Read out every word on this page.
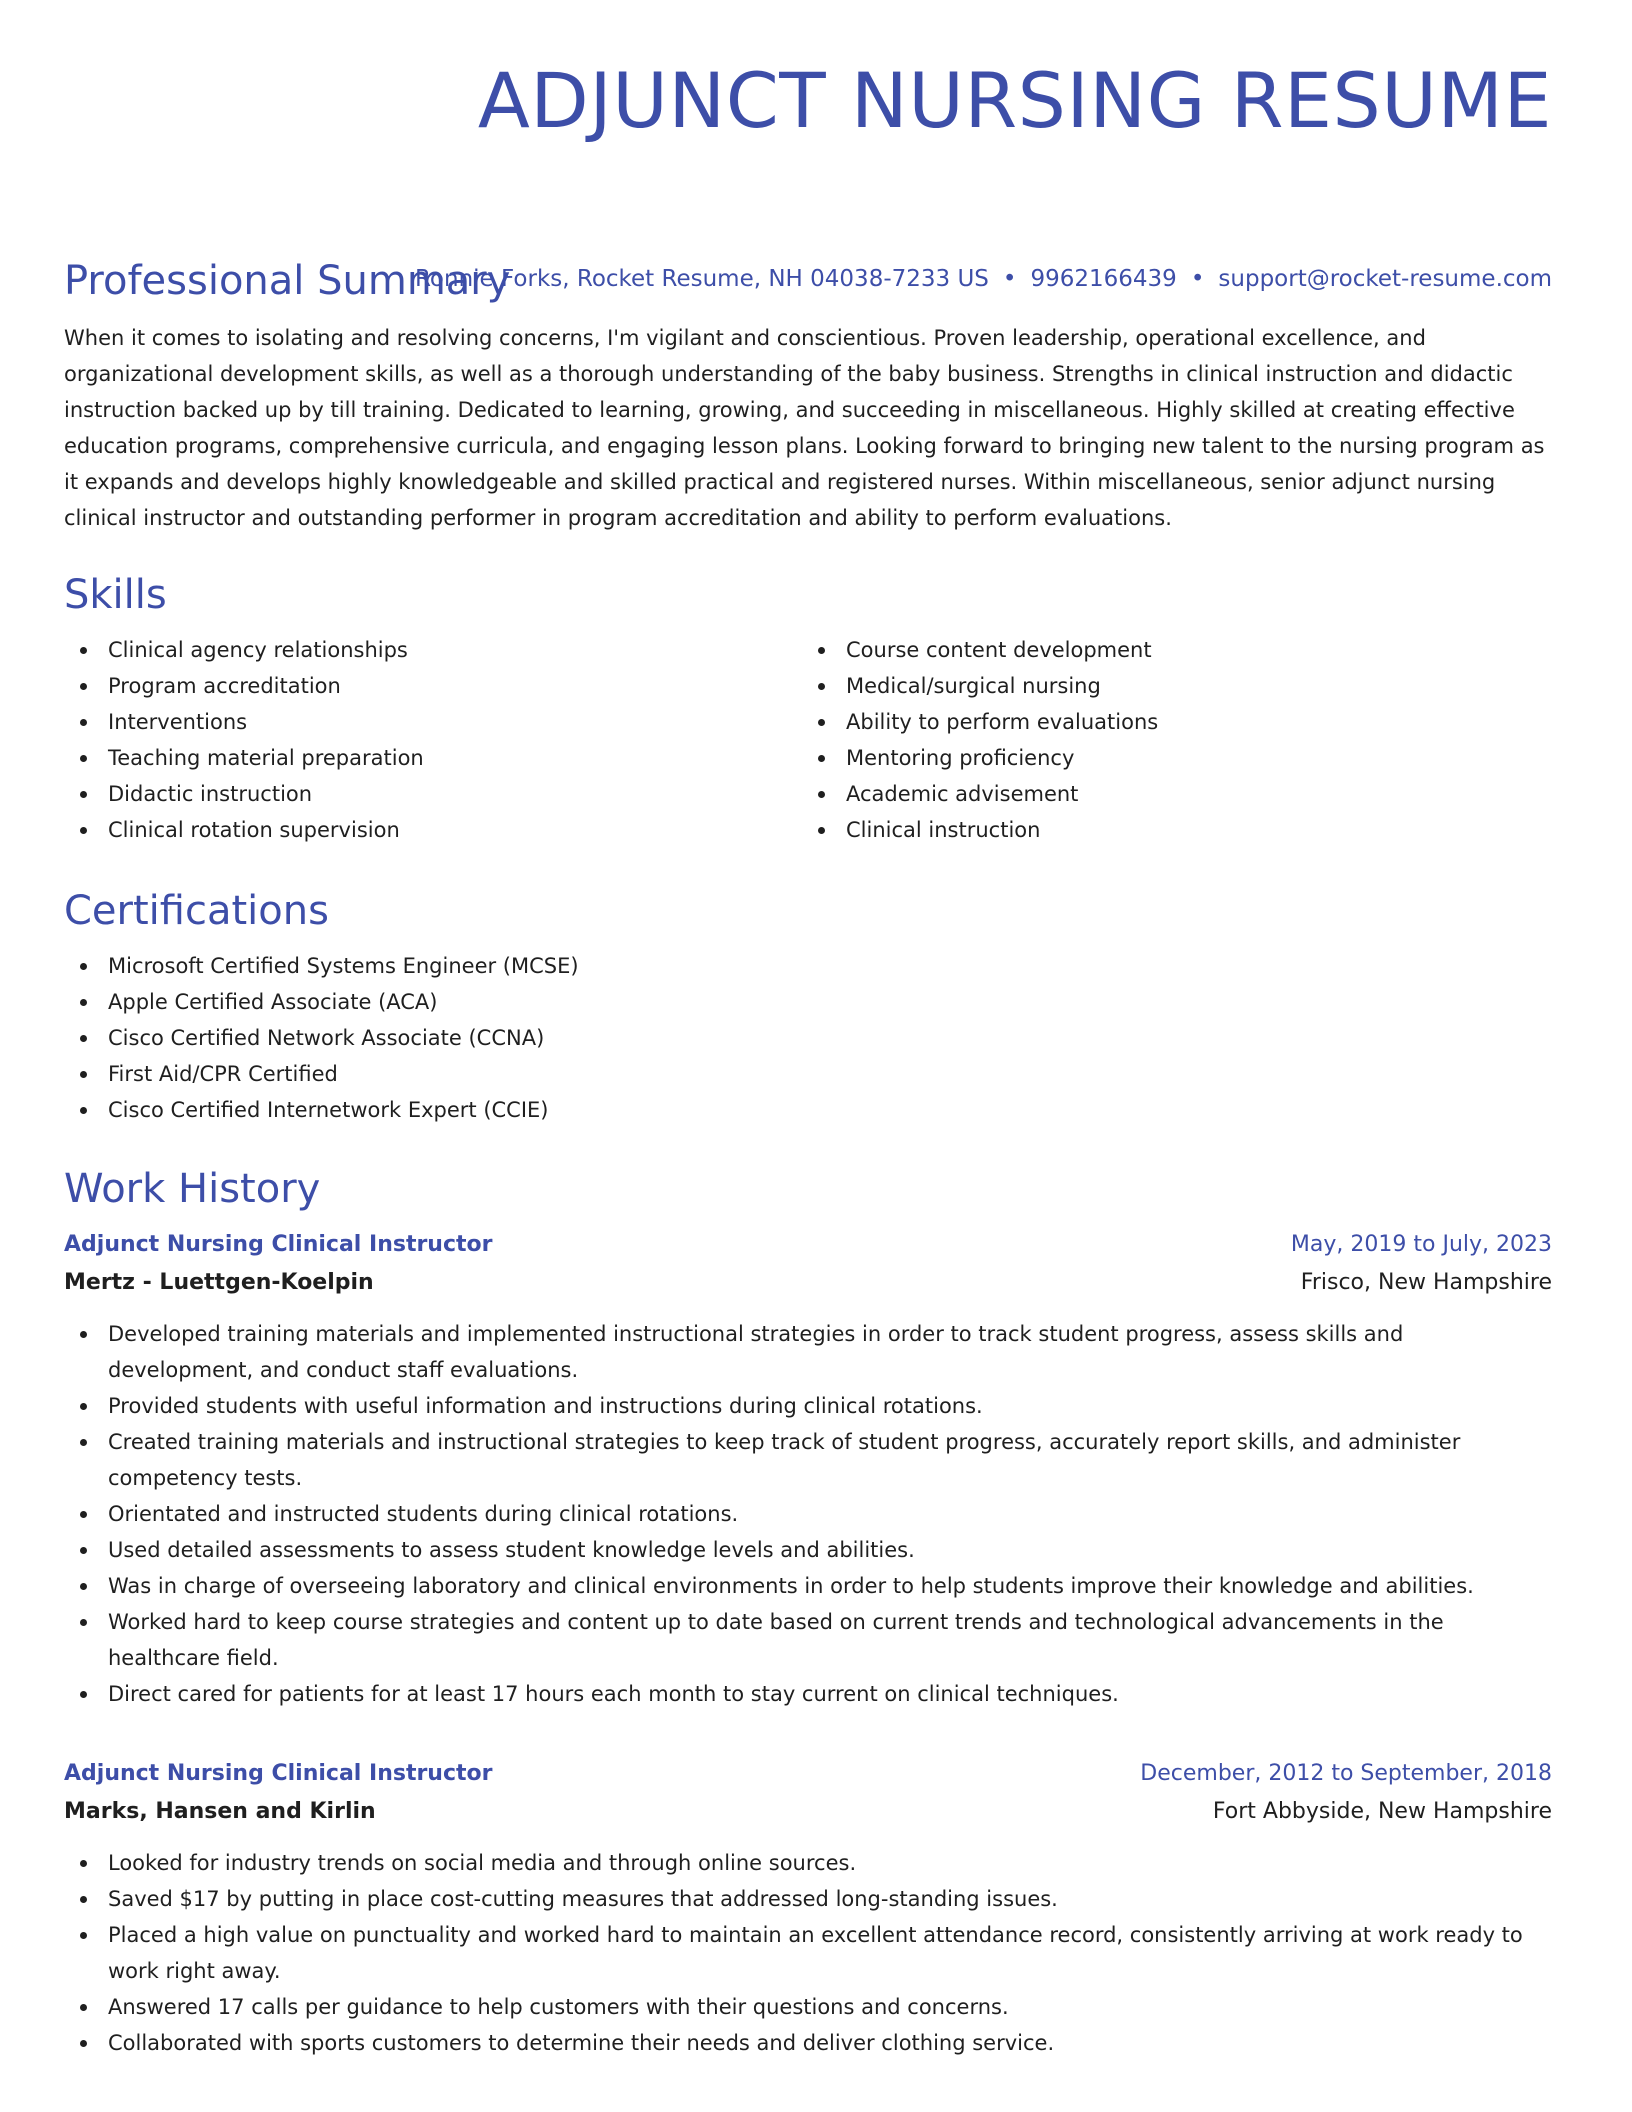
ADJUNCT NURSING RESUME
Ronnie Forks, Rocket Resume, NH 04038-7233 US • 9962166439 • support@rocket-resume.com
Professional Summary

When it comes to isolating and resolving concerns, I'm vigilant and conscientious. Proven leadership, operational excellence, and organizational development skills, as well as a thorough understanding of the baby business. Strengths in clinical instruction and didactic instruction backed up by till training. Dedicated to learning, growing, and succeeding in miscellaneous. Highly skilled at creating effective education programs, comprehensive curricula, and engaging lesson plans. Looking forward to bringing new talent to the nursing program as it expands and develops highly knowledgeable and skilled practical and registered nurses. Within miscellaneous, senior adjunct nursing clinical instructor and outstanding performer in program accreditation and ability to perform evaluations.

Skills
Clinical agency relationships
Program accreditation
Interventions
Teaching material preparation
Didactic instruction
Clinical rotation supervision
Course content development
Medical/surgical nursing
Ability to perform evaluations
Mentoring proficiency
Academic advisement
Clinical instruction
Certifications
Microsoft Certified Systems Engineer (MCSE)
Apple Certified Associate (ACA)
Cisco Certified Network Associate (CCNA)
First Aid/CPR Certified
Cisco Certified Internetwork Expert (CCIE)
Work History
Adjunct Nursing Clinical Instructor	May, 2019 to July, 2023
Mertz - Luettgen-Koelpin	Frisco, New Hampshire
Developed training materials and implemented instructional strategies in order to track student progress, assess skills and development, and conduct staff evaluations.
Provided students with useful information and instructions during clinical rotations.
Created training materials and instructional strategies to keep track of student progress, accurately report skills, and administer competency tests.
Orientated and instructed students during clinical rotations.
Used detailed assessments to assess student knowledge levels and abilities.
Was in charge of overseeing laboratory and clinical environments in order to help students improve their knowledge and abilities.
Worked hard to keep course strategies and content up to date based on current trends and technological advancements in the healthcare field.
Direct cared for patients for at least 17 hours each month to stay current on clinical techniques.
Adjunct Nursing Clinical Instructor	December, 2012 to September, 2018
Marks, Hansen and Kirlin	Fort Abbyside, New Hampshire
Looked for industry trends on social media and through online sources.
Saved $17 by putting in place cost-cutting measures that addressed long-standing issues.
Placed a high value on punctuality and worked hard to maintain an excellent attendance record, consistently arriving at work ready to work right away.
Answered 17 calls per guidance to help customers with their questions and concerns.
Collaborated with sports customers to determine their needs and deliver clothing service.
